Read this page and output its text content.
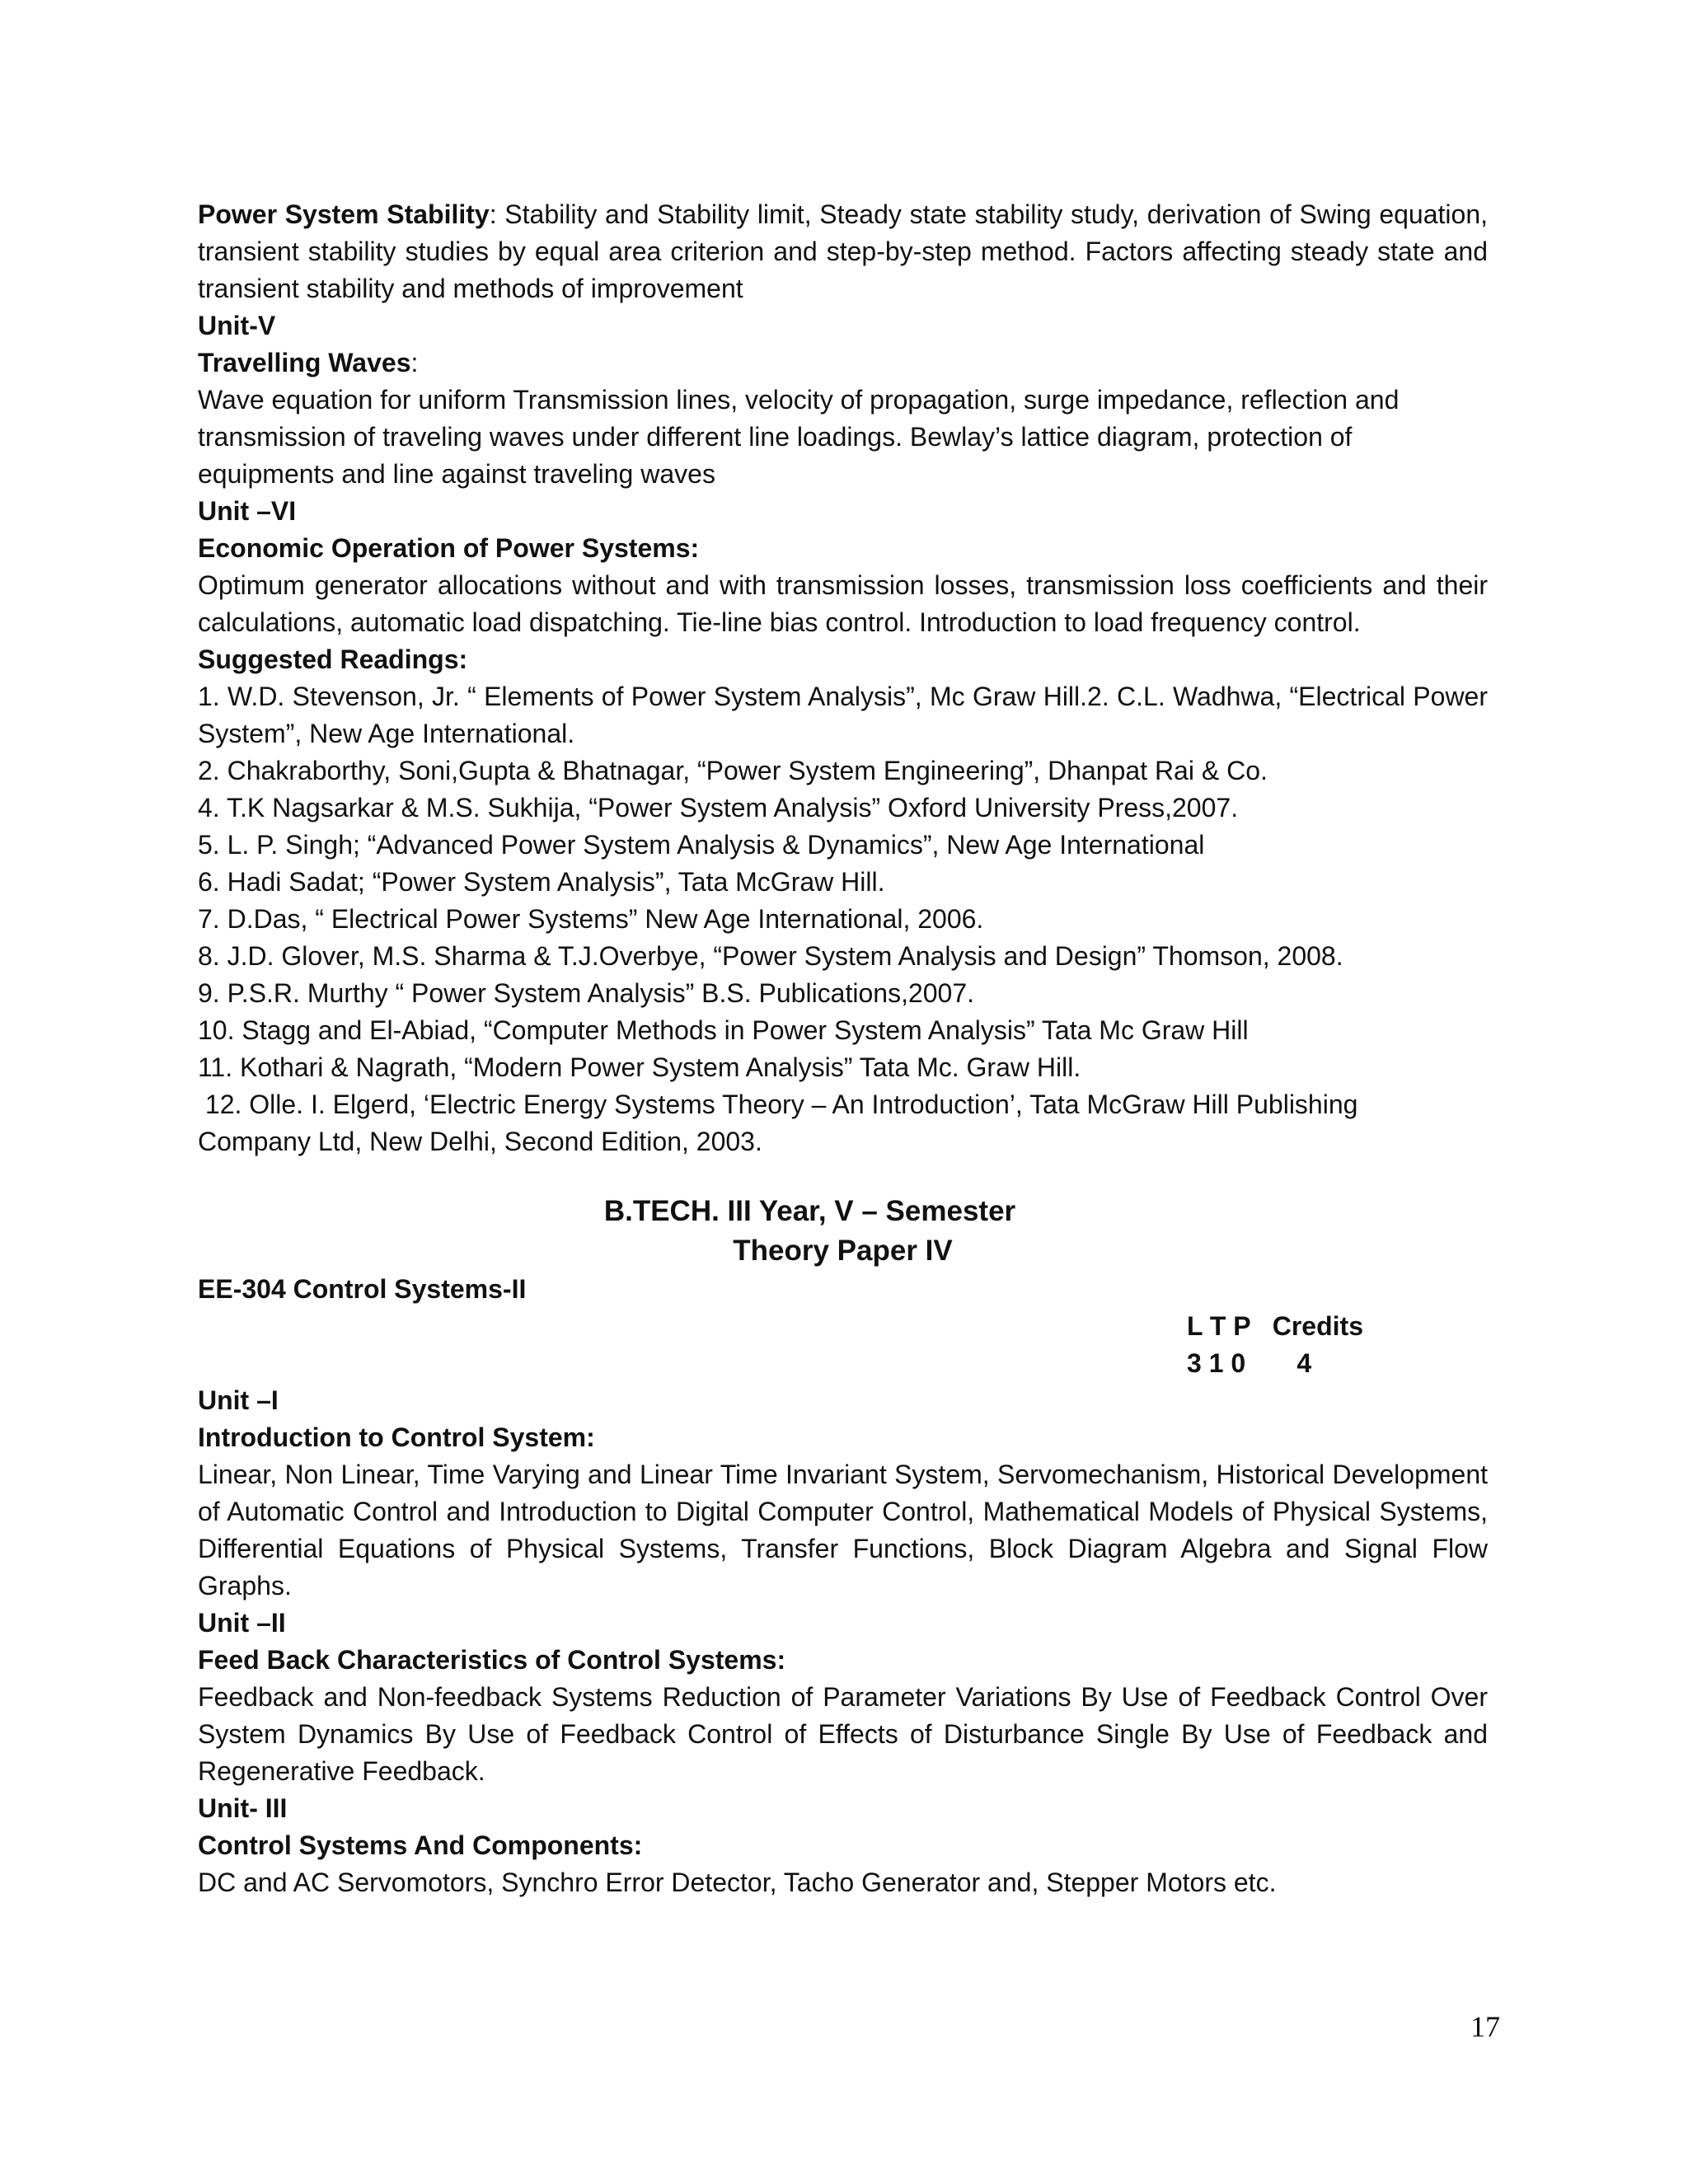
Power System Stability: Stability and Stability limit, Steady state stability study, derivation of Swing equation, transient stability studies by equal area criterion and step-by-step method. Factors affecting steady state and transient stability and methods of improvement

Unit-V

Travelling Waves:

Wave equation for uniform Transmission lines, velocity of propagation, surge impedance, reflection and transmission of traveling waves under different line loadings. Bewlay’s lattice diagram, protection of equipments and line against traveling waves

Unit –VI

Economic Operation of Power Systems:

Optimum generator allocations without and with transmission losses, transmission loss coefficients and their calculations, automatic load dispatching. Tie-line bias control. Introduction to load frequency control.

Suggested Readings:

1. W.D. Stevenson, Jr. “ Elements of Power System Analysis”, Mc Graw Hill.2. C.L. Wadhwa, “Electrical Power System”, New Age International.

2. Chakraborthy, Soni,Gupta & Bhatnagar, “Power System Engineering”, Dhanpat Rai & Co.

4. T.K Nagsarkar & M.S. Sukhija, “Power System Analysis” Oxford University Press,2007.

5. L. P. Singh; “Advanced Power System Analysis & Dynamics”, New Age International

6. Hadi Sadat; “Power System Analysis”, Tata McGraw Hill.

7. D.Das, “ Electrical Power Systems” New Age International, 2006.

8. J.D. Glover, M.S. Sharma & T.J.Overbye, “Power System Analysis and Design” Thomson, 2008.

9. P.S.R. Murthy “ Power System Analysis” B.S. Publications,2007.

10. Stagg and El-Abiad, “Computer Methods in Power System Analysis” Tata Mc Graw Hill

11. Kothari & Nagrath, “Modern Power System Analysis” Tata Mc. Graw Hill.

12. Olle. I. Elgerd, ‘Electric Energy Systems Theory – An Introduction’, Tata McGraw Hill Publishing Company Ltd, New Delhi, Second Edition, 2003.

B.TECH. III Year, V – Semester

Theory Paper IV

EE-304 Control Systems-II

L T P   Credits
3 1 0       4

Unit –I

Introduction to Control System:

Linear, Non Linear, Time Varying and Linear Time Invariant System, Servomechanism, Historical Development of Automatic Control and Introduction to Digital Computer Control, Mathematical Models of Physical Systems, Differential Equations of Physical Systems, Transfer Functions, Block Diagram Algebra and Signal Flow Graphs.

Unit –II

Feed Back Characteristics of Control Systems:

Feedback and Non-feedback Systems Reduction of Parameter Variations By Use of Feedback Control Over System Dynamics By Use of Feedback Control of Effects of Disturbance Single By Use of Feedback and Regenerative Feedback.

Unit- III

Control Systems And Components:

DC and AC Servomotors, Synchro Error Detector, Tacho Generator and, Stepper Motors etc.

17
